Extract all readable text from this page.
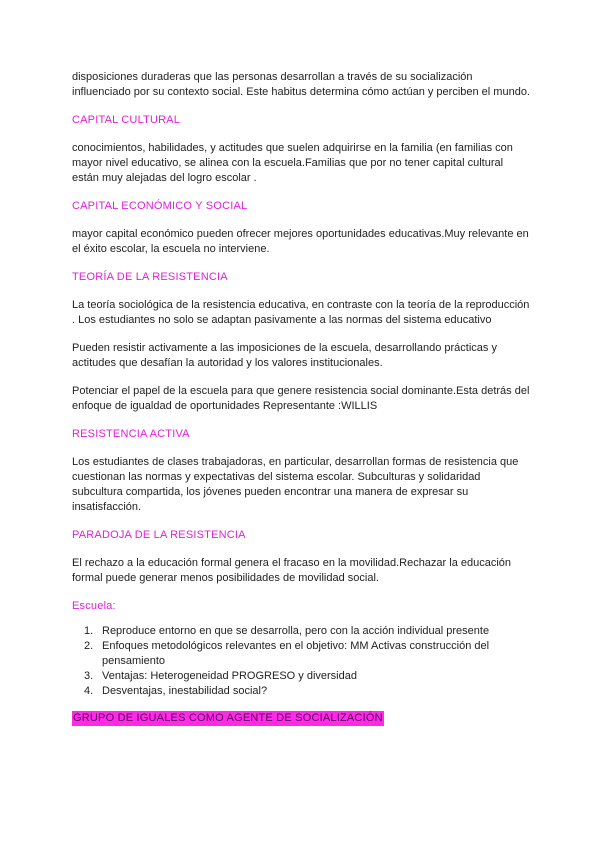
disposiciones duraderas que las personas desarrollan a través de su socialización influenciado por su contexto social. Este habitus determina cómo actúan y perciben el mundo.

CAPITAL CULTURAL

conocimientos, habilidades, y actitudes que suelen adquirirse en la familia (en familias con mayor nivel educativo, se alinea con la escuela.Familias que por no tener capital cultural están muy alejadas del logro escolar .

CAPITAL ECONÓMICO Y SOCIAL

mayor capital económico pueden ofrecer mejores oportunidades educativas.Muy relevante en el éxito escolar, la escuela no interviene.

TEORÍA DE LA RESISTENCIA

La teoría sociológica de la resistencia educativa, en contraste con la teoría de la reproducción . Los estudiantes no solo se adaptan pasivamente a las normas del sistema educativo

Pueden resistir activamente a las imposiciones de la escuela, desarrollando prácticas y actitudes que desafían la autoridad y los valores institucionales.

Potenciar el papel de la escuela para que genere resistencia social dominante.Esta detrás del enfoque de igualdad de oportunidades Representante :WILLIS

RESISTENCIA ACTIVA

Los estudiantes de clases trabajadoras, en particular, desarrollan formas de resistencia que cuestionan las normas y expectativas del sistema escolar. Subculturas y solidaridad subcultura compartida, los jóvenes pueden encontrar una manera de expresar su insatisfacción.

PARADOJA DE LA RESISTENCIA

El rechazo a la educación formal genera el fracaso en la movilidad.Rechazar la educación formal puede generar menos posibilidades de movilidad social.

Escuela:

1. Reproduce entorno en que se desarrolla, pero con la acción individual presente
2. Enfoques metodológicos relevantes en el objetivo: MM Activas construcción del pensamiento
3. Ventajas: Heterogeneidad PROGRESO y diversidad
4. Desventajas, inestabilidad social?
GRUPO DE IGUALES COMO AGENTE DE SOCIALIZACIÓN
